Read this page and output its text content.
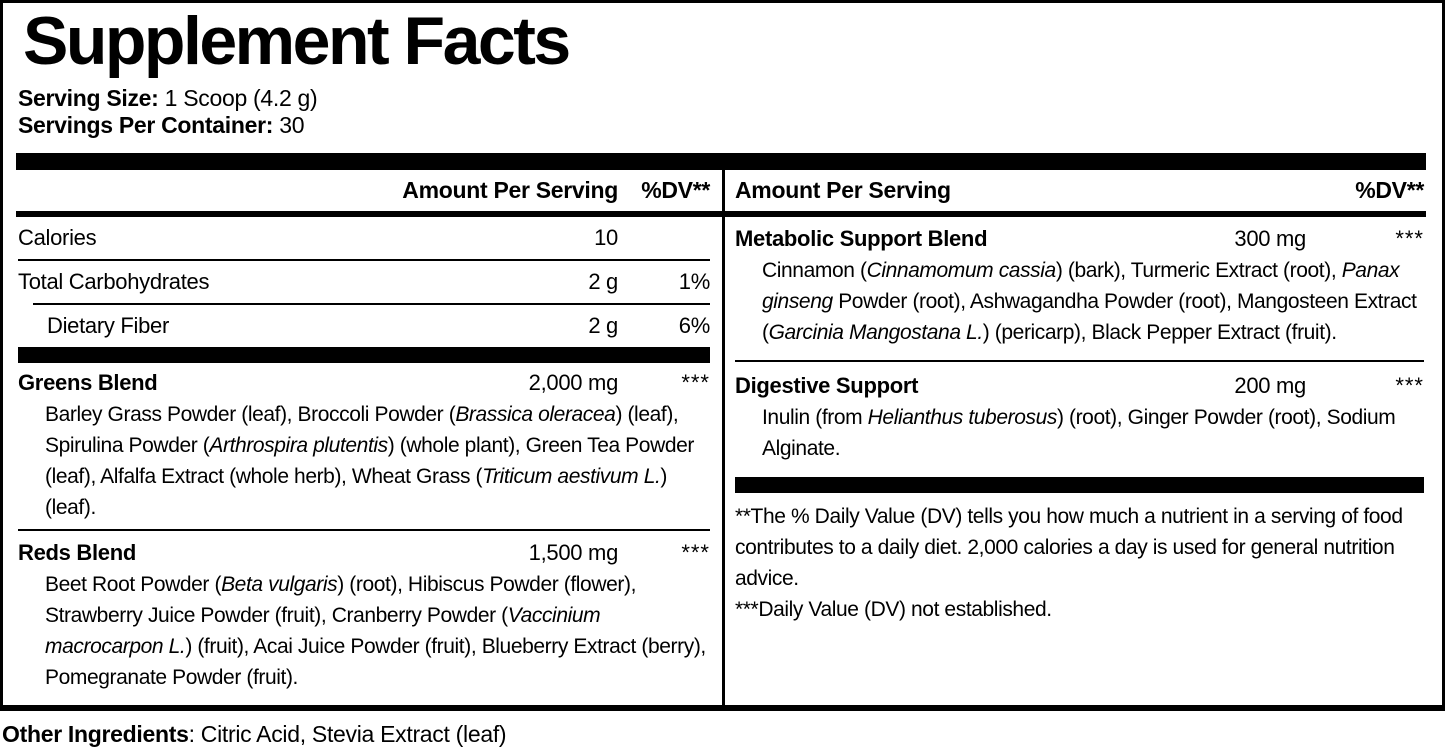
Supplement Facts
Serving Size: 1 Scoop (4.2 g)
Servings Per Container: 30
Amount Per Serving	%DV** Amount Per Serving	%DV**
Calories	10
Total Carbohydrates	2 g	1%
Dietary Fiber	2 g	6%
Greens Blend	2,000 mg	***
Barley Grass Powder (leaf), Broccoli Powder (Brassica oleracea) (leaf), Spirulina Powder (Arthrospira plutentis) (whole plant), Green Tea Powder (leaf), Alfalfa Extract (whole herb), Wheat Grass (Triticum aestivum L.) (leaf).
Reds Blend	1,500 mg	***
Beet Root Powder (Beta vulgaris) (root), Hibiscus Powder (flower), Strawberry Juice Powder (fruit), Cranberry Powder (Vaccinium macrocarpon L.) (fruit), Acai Juice Powder (fruit), Blueberry Extract (berry), Pomegranate Powder (fruit).
Metabolic Support Blend	300 mg	***
Cinnamon (Cinnamomum cassia) (bark), Turmeric Extract (root), Panax ginseng Powder (root), Ashwagandha Powder (root), Mangosteen Extract (Garcinia Mangostana L.) (pericarp), Black Pepper Extract (fruit).
Digestive Support	200 mg	***
Inulin (from Helianthus tuberosus) (root), Ginger Powder (root), Sodium Alginate.
**The % Daily Value (DV) tells you how much a nutrient in a serving of food contributes to a daily diet. 2,000 calories a day is used for general nutrition advice.
***Daily Value (DV) not established.
Other Ingredients: Citric Acid, Stevia Extract (leaf)
